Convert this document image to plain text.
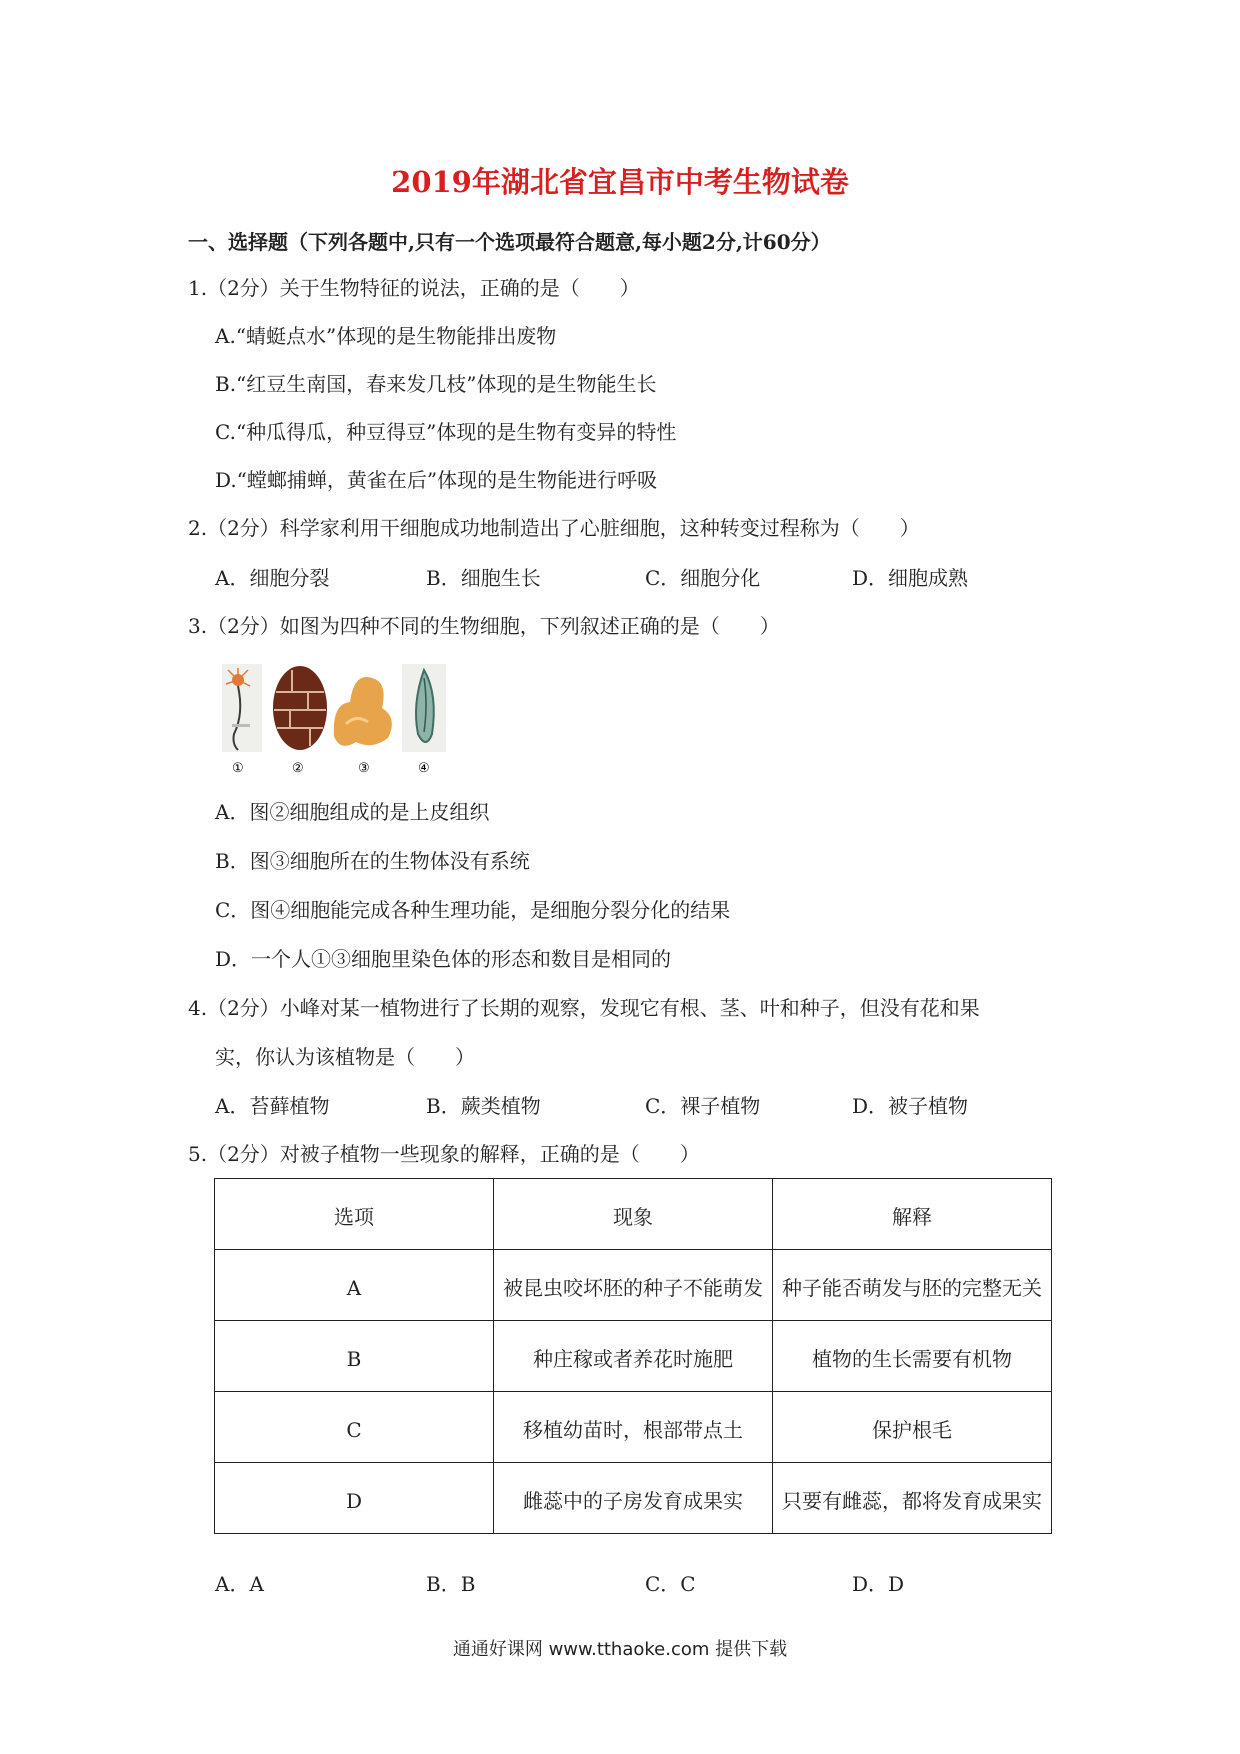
2019年湖北省宜昌市中考生物试卷
一、选择题（下列各题中,只有一个选项最符合题意,每小题2分,计60分）
1.（2分）关于生物特征的说法，正确的是（　　）
A.“蜻蜓点水”体现的是生物能排出废物
B.“红豆生南国，春来发几枝”体现的是生物能生长
C.“种瓜得瓜，种豆得豆”体现的是生物有变异的特性
D.“螳螂捕蝉，黄雀在后”体现的是生物能进行呼吸
2.（2分）科学家利用干细胞成功地制造出了心脏细胞，这种转变过程称为（　　）
A．细胞分裂	B．细胞生长	C．细胞分化	D．细胞成熟
3.（2分）如图为四种不同的生物细胞，下列叙述正确的是（　　）
①	②	③	④
A．图②细胞组成的是上皮组织
B．图③细胞所在的生物体没有系统
C．图④细胞能完成各种生理功能，是细胞分裂分化的结果
D．一个人①③细胞里染色体的形态和数目是相同的
4.（2分）小峰对某一植物进行了长期的观察，发现它有根、茎、叶和种子，但没有花和果
实，你认为该植物是（　　）
A．苔藓植物	B．蕨类植物	C．裸子植物	D．被子植物
5.（2分）对被子植物一些现象的解释，正确的是（　　）
选项	现象	解释
A	被昆虫咬坏胚的种子不能萌发	种子能否萌发与胚的完整无关
B	种庄稼或者养花时施肥	植物的生长需要有机物
C	移植幼苗时，根部带点土	保护根毛
D	雌蕊中的子房发育成果实	只要有雌蕊，都将发育成果实
A．A	B．B	C．C	D．D
通通好课网 www.tthaoke.com 提供下载
